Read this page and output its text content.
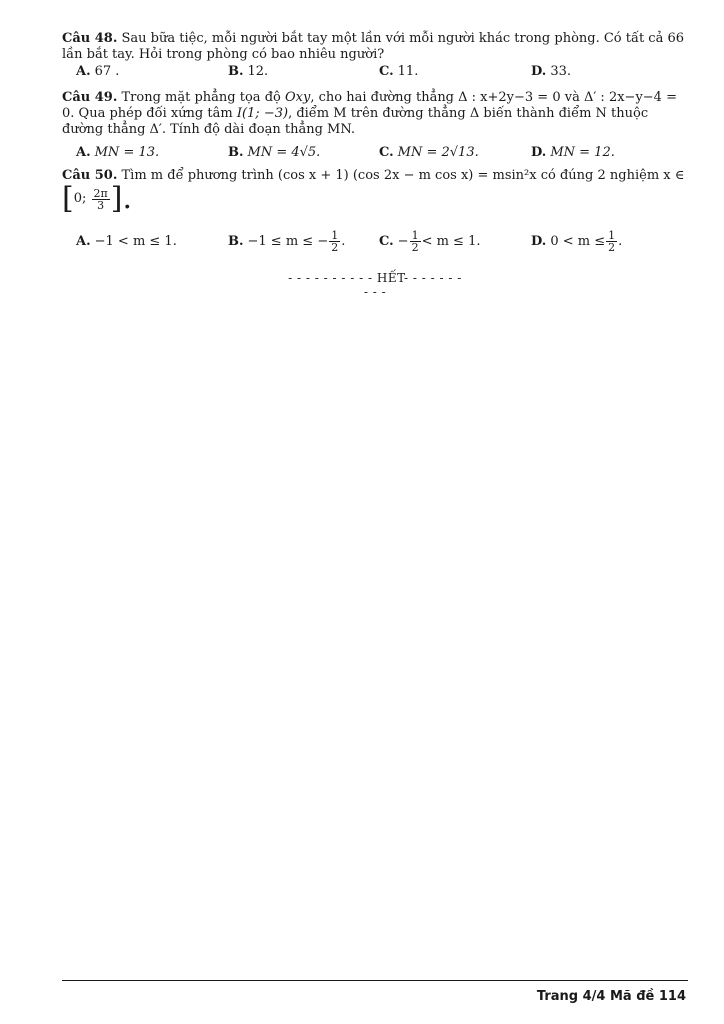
Câu 48. Sau bữa tiệc, mỗi người bắt tay một lần với mỗi người khác trong phòng. Có tất cả 66 lần bắt tay. Hỏi trong phòng có bao nhiêu người?
A. 67 .	B. 12.	C. 11.	D. 33.
Câu 49. Trong mặt phẳng tọa độ Oxy, cho hai đường thẳng Δ : x+2y−3 = 0 và Δ′ : 2x−y−4 = 0. Qua phép đối xứng tâm I(1; −3), điểm M trên đường thẳng Δ biến thành điểm N thuộc đường thẳng Δ′. Tính độ dài đoạn thẳng MN.
A. MN = 13.	B. MN = 4√5.	C. MN = 2√13.	D. MN = 12.
Câu 50. Tìm m để phương trình (cos x + 1) (cos 2x − m cos x) = msin²x có đúng 2 nghiệm x ∈
[0; $\frac{2\pi}{3}$ ].
A. −1 < m ≤ 1.	B. −1 ≤ m ≤ − $\frac{1}{2}$ .	C. − $\frac{1}{2} < m \le 1$.	D. $0 < m \le \frac{1}{2}$ .
- - - - - - - - - - HẾT- - - - - - - - - -
Trang 4/4 Mã đề 114
